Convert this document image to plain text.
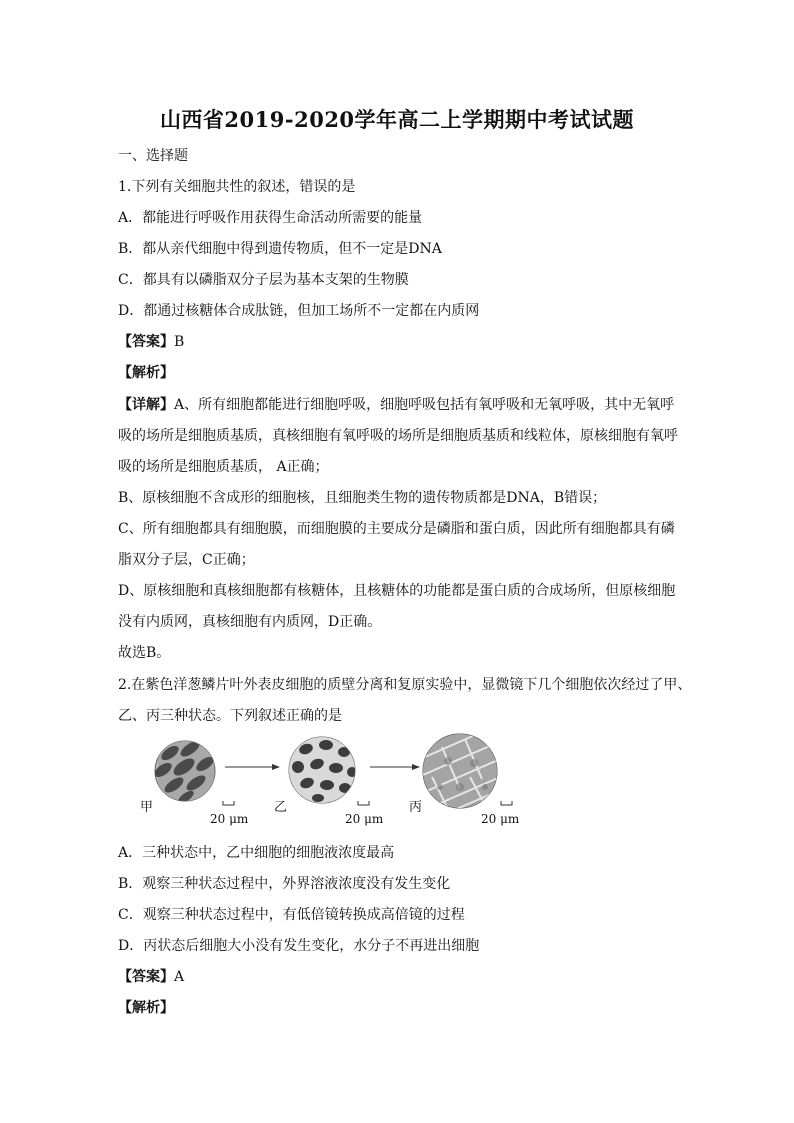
山西省2019-2020学年高二上学期期中考试试题
一、选择题
1.下列有关细胞共性的叙述，错误的是
A．都能进行呼吸作用获得生命活动所需要的能量
B．都从亲代细胞中得到遗传物质，但不一定是DNA
C．都具有以磷脂双分子层为基本支架的生物膜
D．都通过核糖体合成肽链，但加工场所不一定都在内质网
【答案】B
【解析】
【详解】A、所有细胞都能进行细胞呼吸，细胞呼吸包括有氧呼吸和无氧呼吸，其中无氧呼
吸的场所是细胞质基质，真核细胞有氧呼吸的场所是细胞质基质和线粒体，原核细胞有氧呼
吸的场所是细胞质基质， A正确；
B、原核细胞不含成形的细胞核，且细胞类生物的遗传物质都是DNA，B错误；
C、所有细胞都具有细胞膜，而细胞膜的主要成分是磷脂和蛋白质，因此所有细胞都具有磷
脂双分子层，C正确；
D、原核细胞和真核细胞都有核糖体，且核糖体的功能都是蛋白质的合成场所，但原核细胞
没有内质网，真核细胞有内质网，D正确。
故选B。
2.在紫色洋葱鳞片叶外表皮细胞的质壁分离和复原实验中，显微镜下几个细胞依次经过了甲、
乙、丙三种状态。下列叙述正确的是
甲	乙	丙
20 μm	20 μm	20 μm
A．三种状态中，乙中细胞的细胞液浓度最高
B．观察三种状态过程中，外界溶液浓度没有发生变化
C．观察三种状态过程中，有低倍镜转换成高倍镜的过程
D．丙状态后细胞大小没有发生变化，水分子不再进出细胞
【答案】A
【解析】
